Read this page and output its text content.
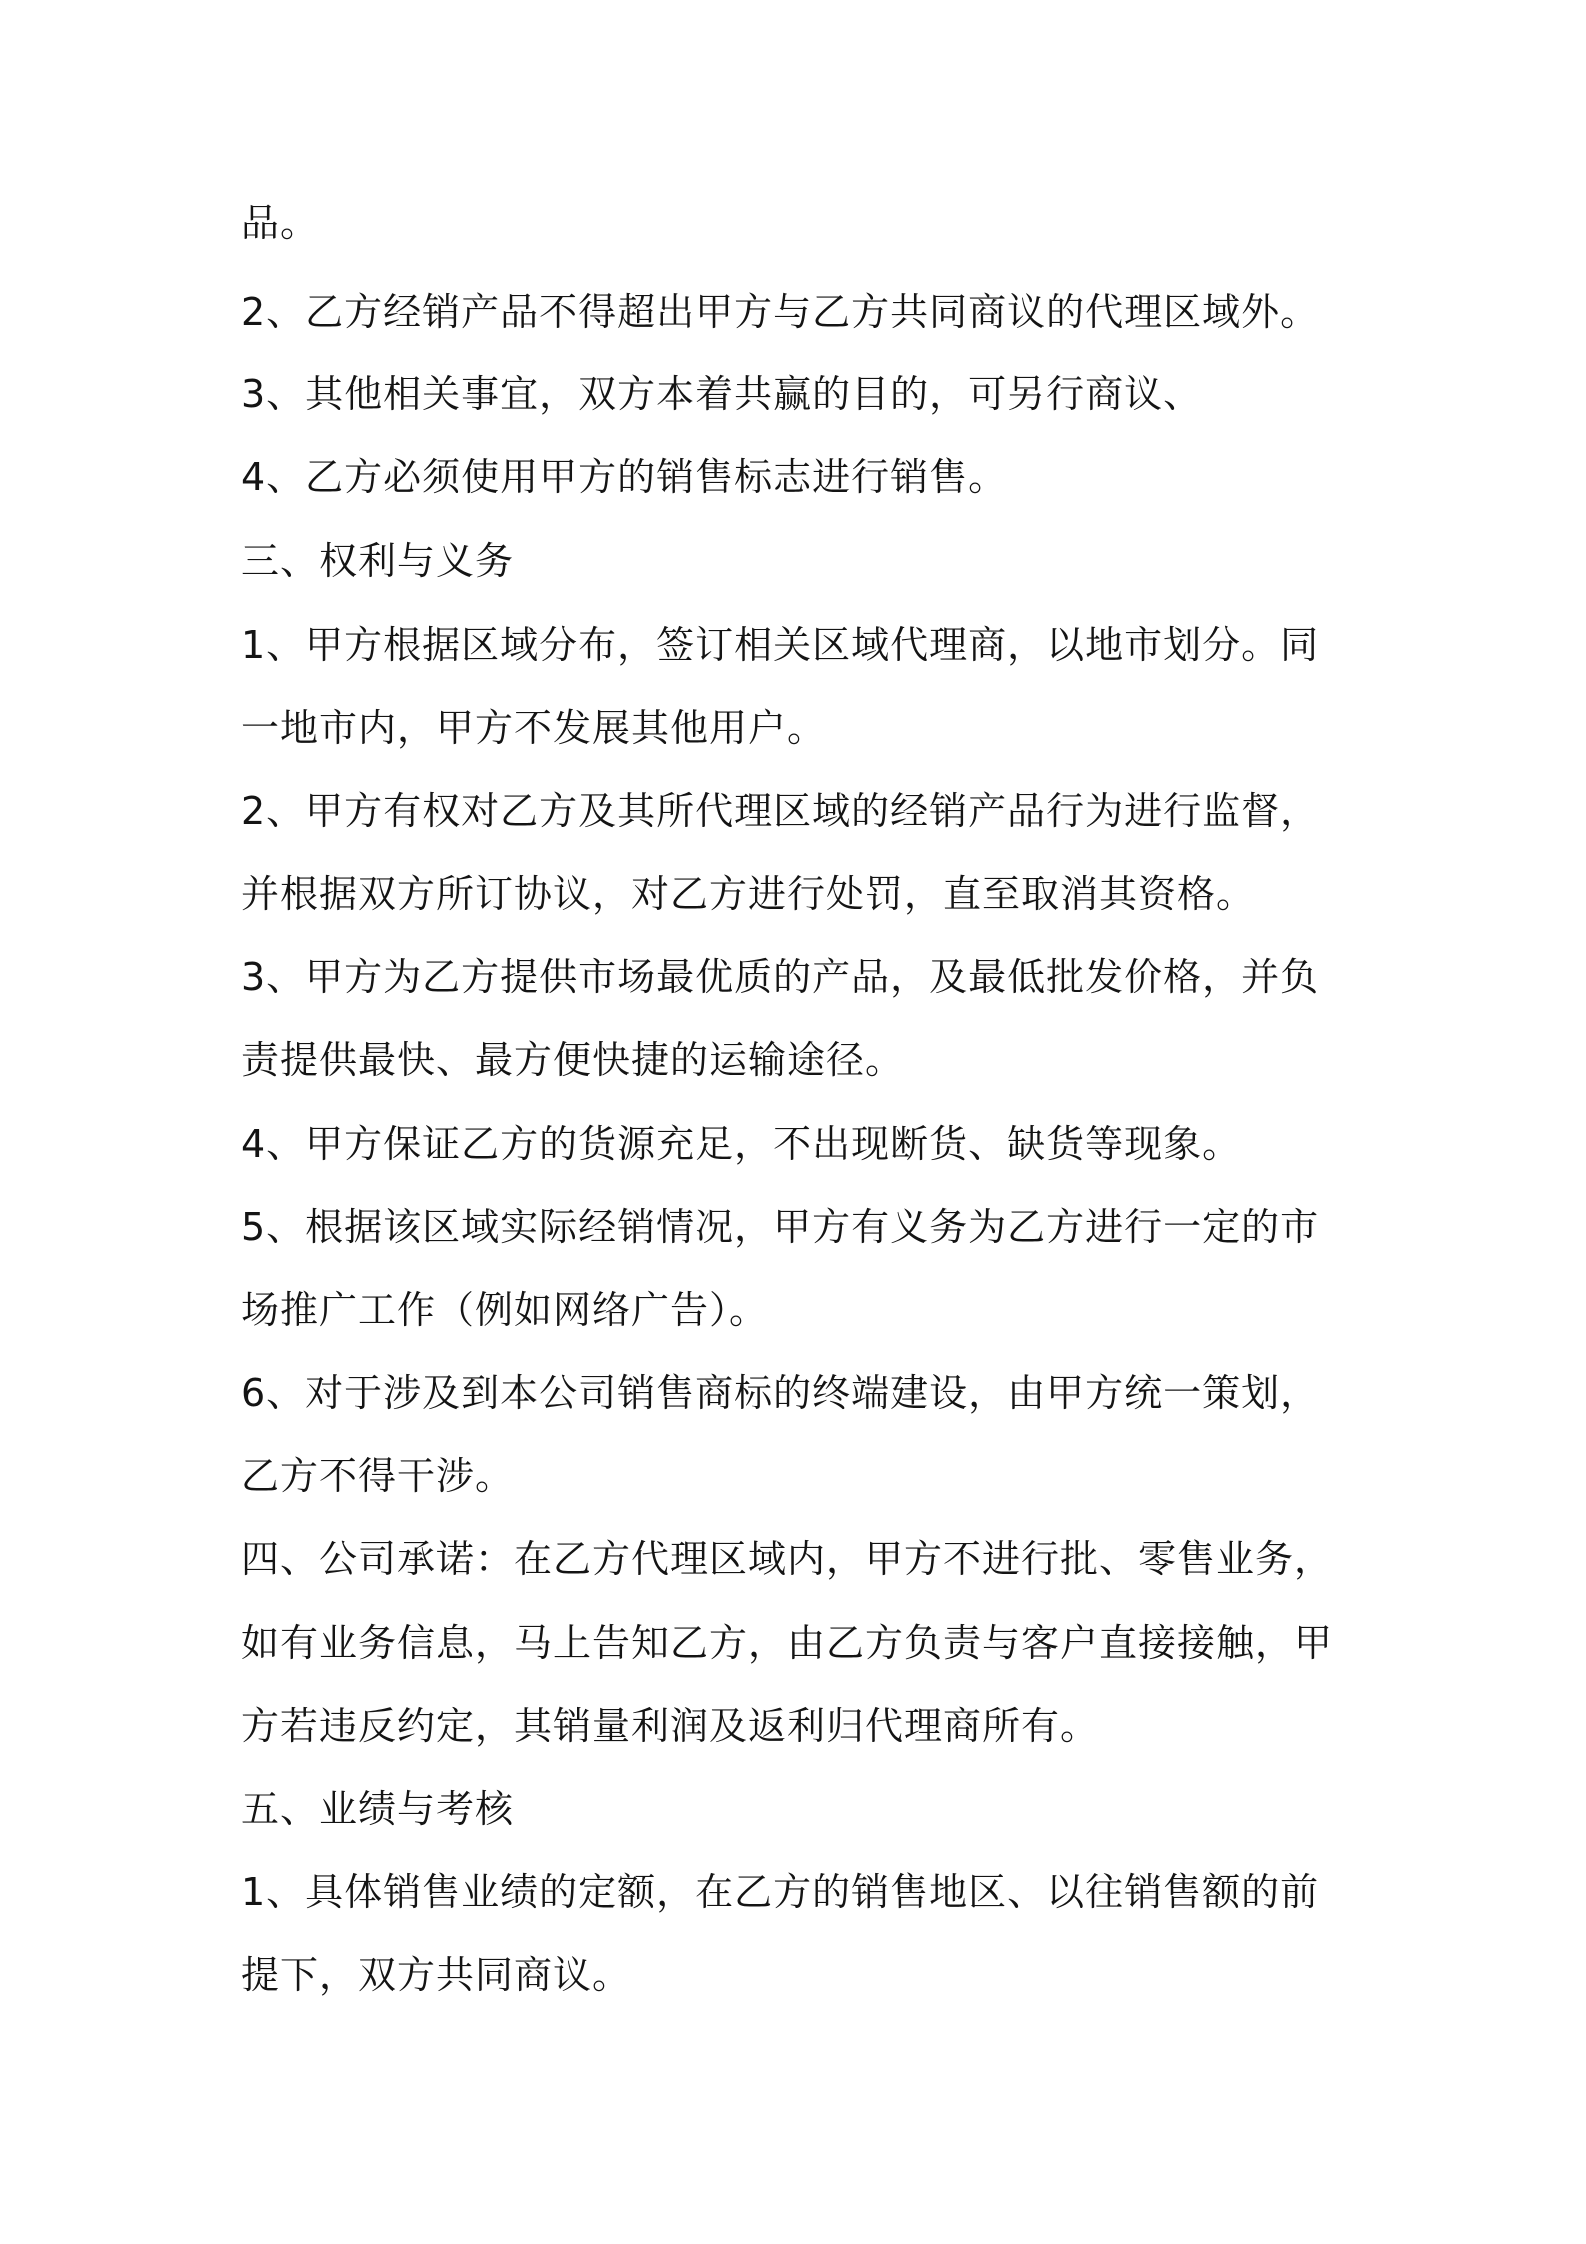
品。
2、乙方经销产品不得超出甲方与乙方共同商议的代理区域外。
3、其他相关事宜，双方本着共赢的目的，可另行商议、
4、乙方必须使用甲方的销售标志进行销售。
三、权利与义务
1、甲方根据区域分布，签订相关区域代理商，以地市划分。同
一地市内，甲方不发展其他用户。
2、甲方有权对乙方及其所代理区域的经销产品行为进行监督，
并根据双方所订协议，对乙方进行处罚，直至取消其资格。
3、甲方为乙方提供市场最优质的产品，及最低批发价格，并负
责提供最快、最方便快捷的运输途径。
4、甲方保证乙方的货源充足，不出现断货、缺货等现象。
5、根据该区域实际经销情况，甲方有义务为乙方进行一定的市
场推广工作（例如网络广告）。
6、对于涉及到本公司销售商标的终端建设，由甲方统一策划，
乙方不得干涉。
四、公司承诺：在乙方代理区域内，甲方不进行批、零售业务，
如有业务信息，马上告知乙方，由乙方负责与客户直接接触，甲
方若违反约定，其销量利润及返利归代理商所有。
五、业绩与考核
1、具体销售业绩的定额，在乙方的销售地区、以往销售额的前
提下，双方共同商议。
